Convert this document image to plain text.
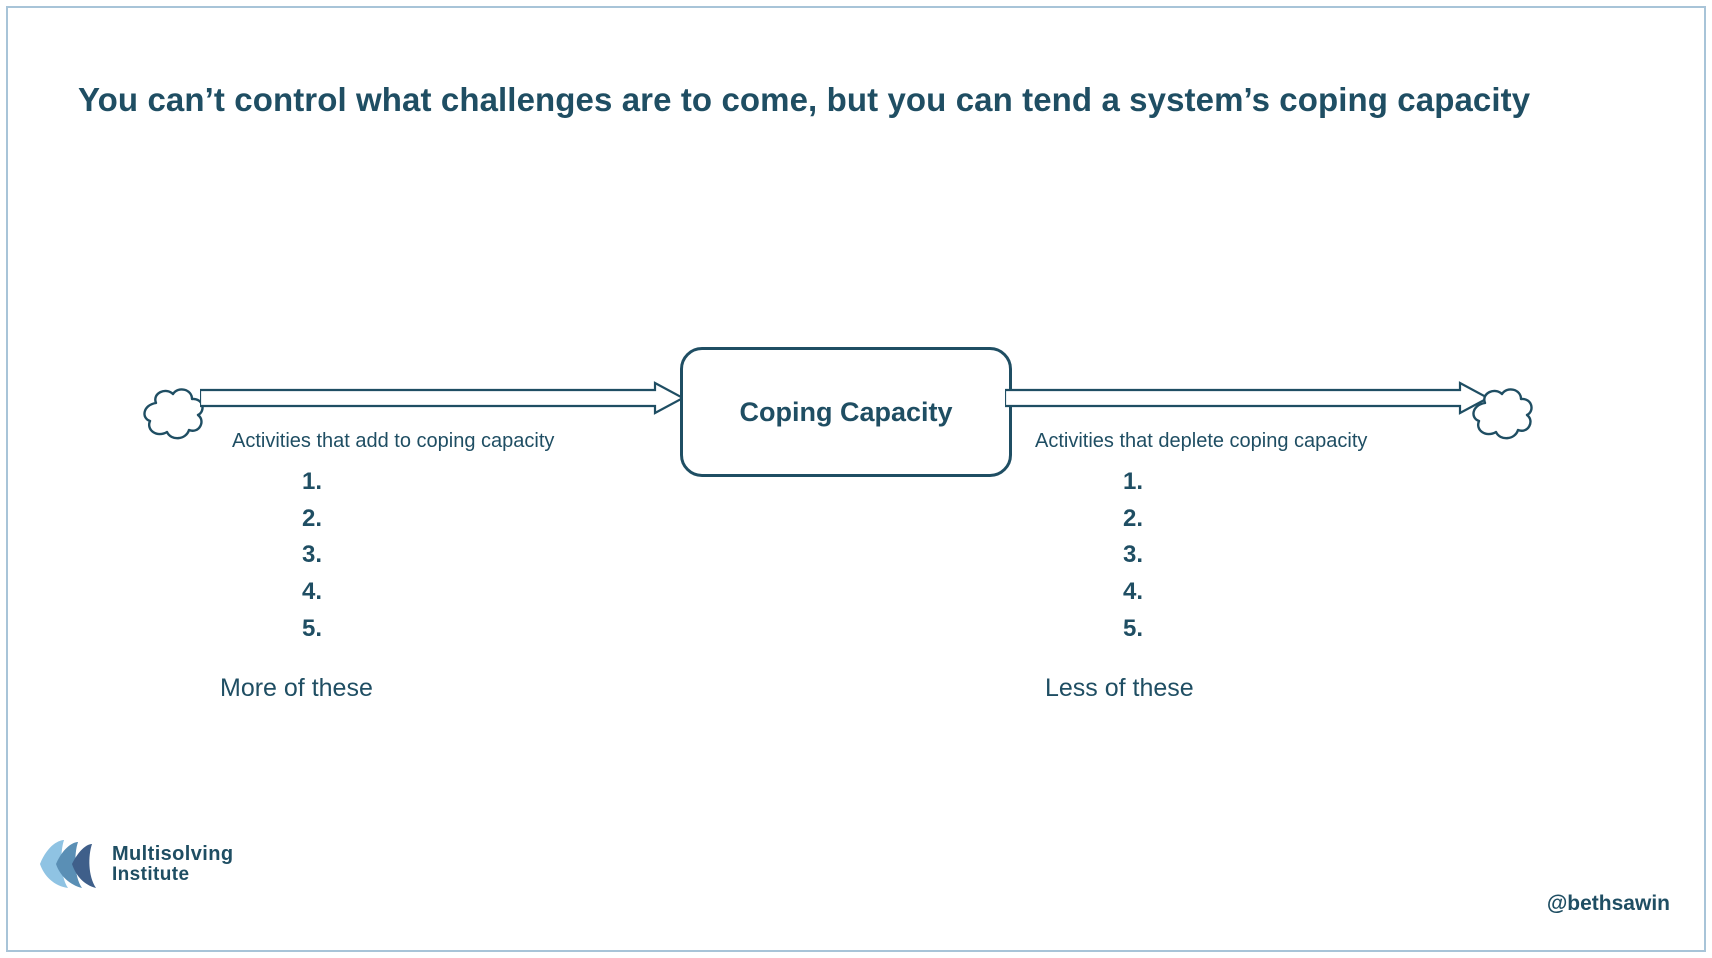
You can’t control what challenges are to come, but you can tend a system’s coping capacity
Coping Capacity
Activities that add to coping capacity
1.
2.
3.
4.
5.
More of these
Activities that deplete coping capacity
1.
2.
3.
4.
5.
Less of these
Multisolving
Institute
@bethsawin
